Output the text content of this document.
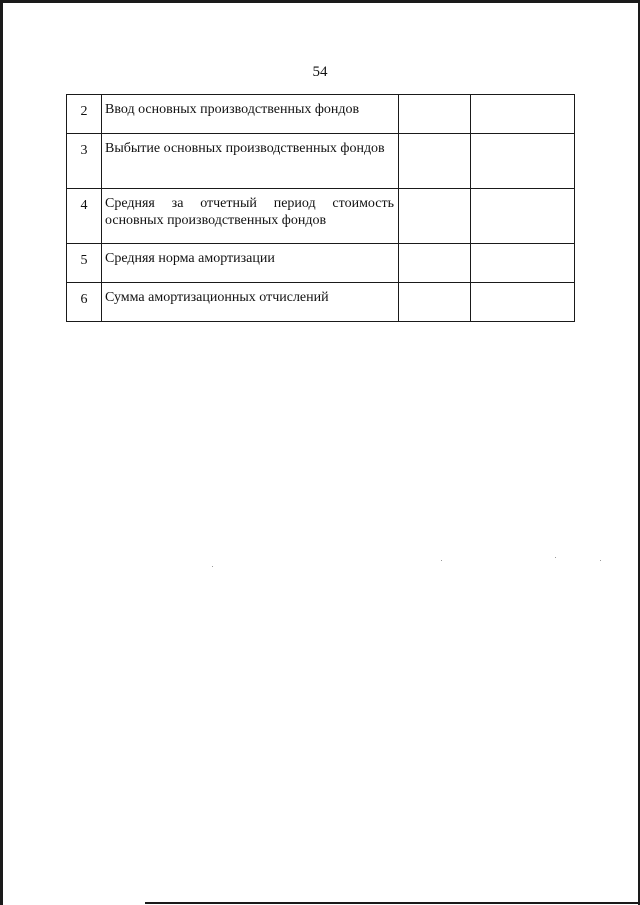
54
2	Ввод основных производственных фондов		
3	Выбытие основных производственных фондов		
4	Средняя за отчетный период стоимость основных производственных фондов		
5	Средняя норма амортизации		
6	Сумма амортизационных отчислений		
